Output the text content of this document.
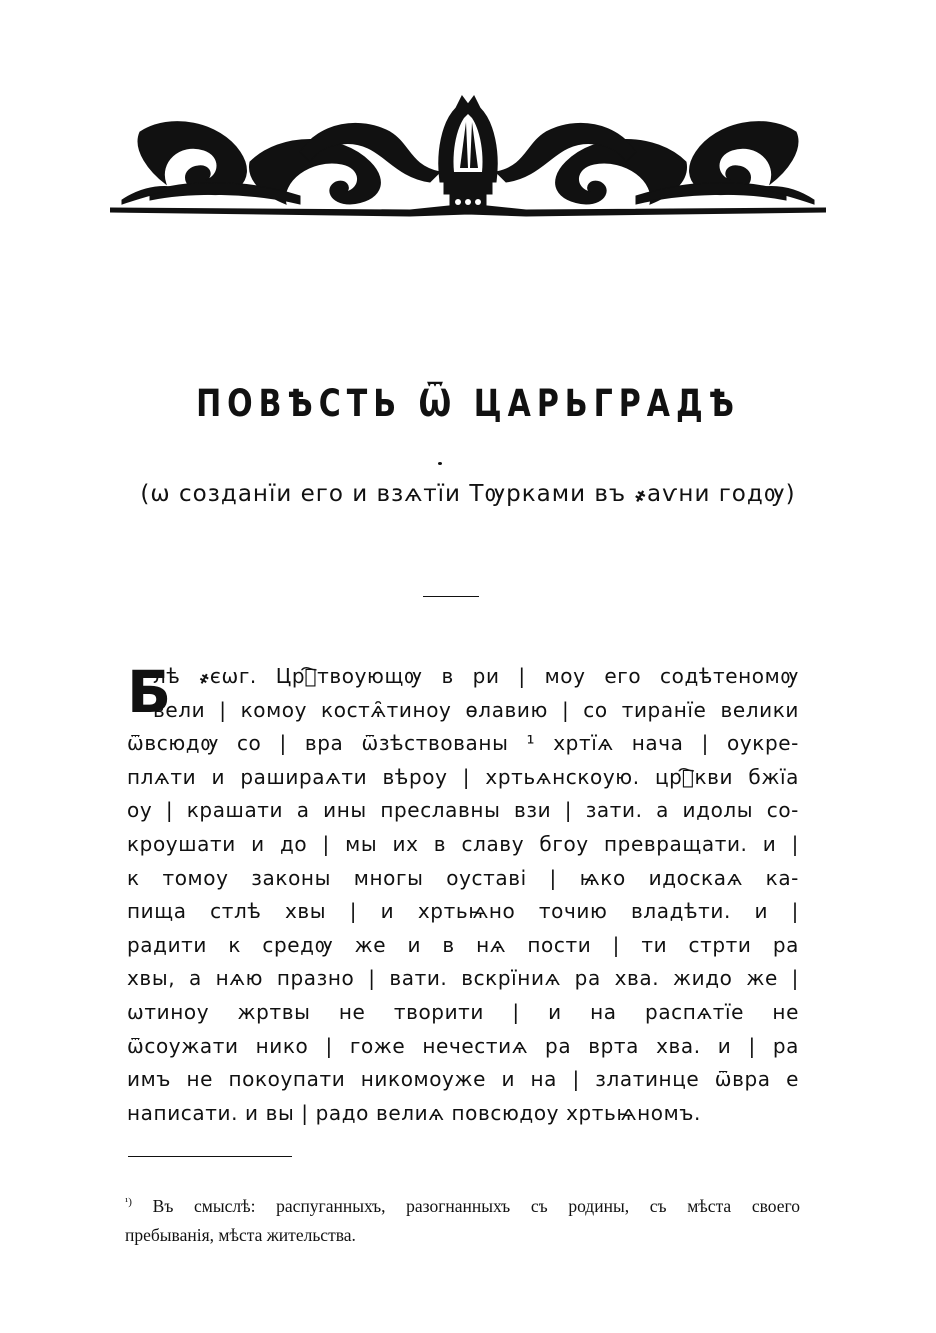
ПОВѢСТЬ Ѿ ЦАРЬГРАДѢ
(ѡ созданїи его и взѧтїи Тѹрками въ ҂аѵни годѹ)
Б
лѣ ҂єѡг. Црⷭ҇твоующѹ в ри | моу его содѣтеномѹ
вели | комоу костѧ̑тиноу ѳлавию | со тиранїе велики
ѿвсюдѹ со | вра ѿзѣствованы ¹ хртїѧ нача | оукре-
плѧти и рашираѧти вѣроу | хртьѧнскоую. црⷦ҇кви бжїа
оу | крашати а ины преславны взи | зати. а идолы со-
кроушати и до | мы их в славу бгоу превращати. и |
к томоу законы многы оуставі | ѩко идоскаѧ ка-
пища стлѣ хвы | и хртьѩно точию владѣти. и |
радити к средѹ же и в нѧ пости | ти стрти ра
хвы, а нѧю празно | вати. вскрїниѧ ра хва. жидо же |
ѡтиноу жртвы не творити | и на распѧтїе не
ѿсоужати нико | гоже нечестиѧ ра врта хва. и | ра
имъ не покоупати никомоуже и на | златинце ѿвра е
написати. и вы | радо велиѧ повсюдоу хртьѩномъ.
$^{^1)}$ Въ смыслѣ: распуганныхъ, разогнанныхъ съ родины, съ мѣста своего
пребыванія, мѣста жительства.
